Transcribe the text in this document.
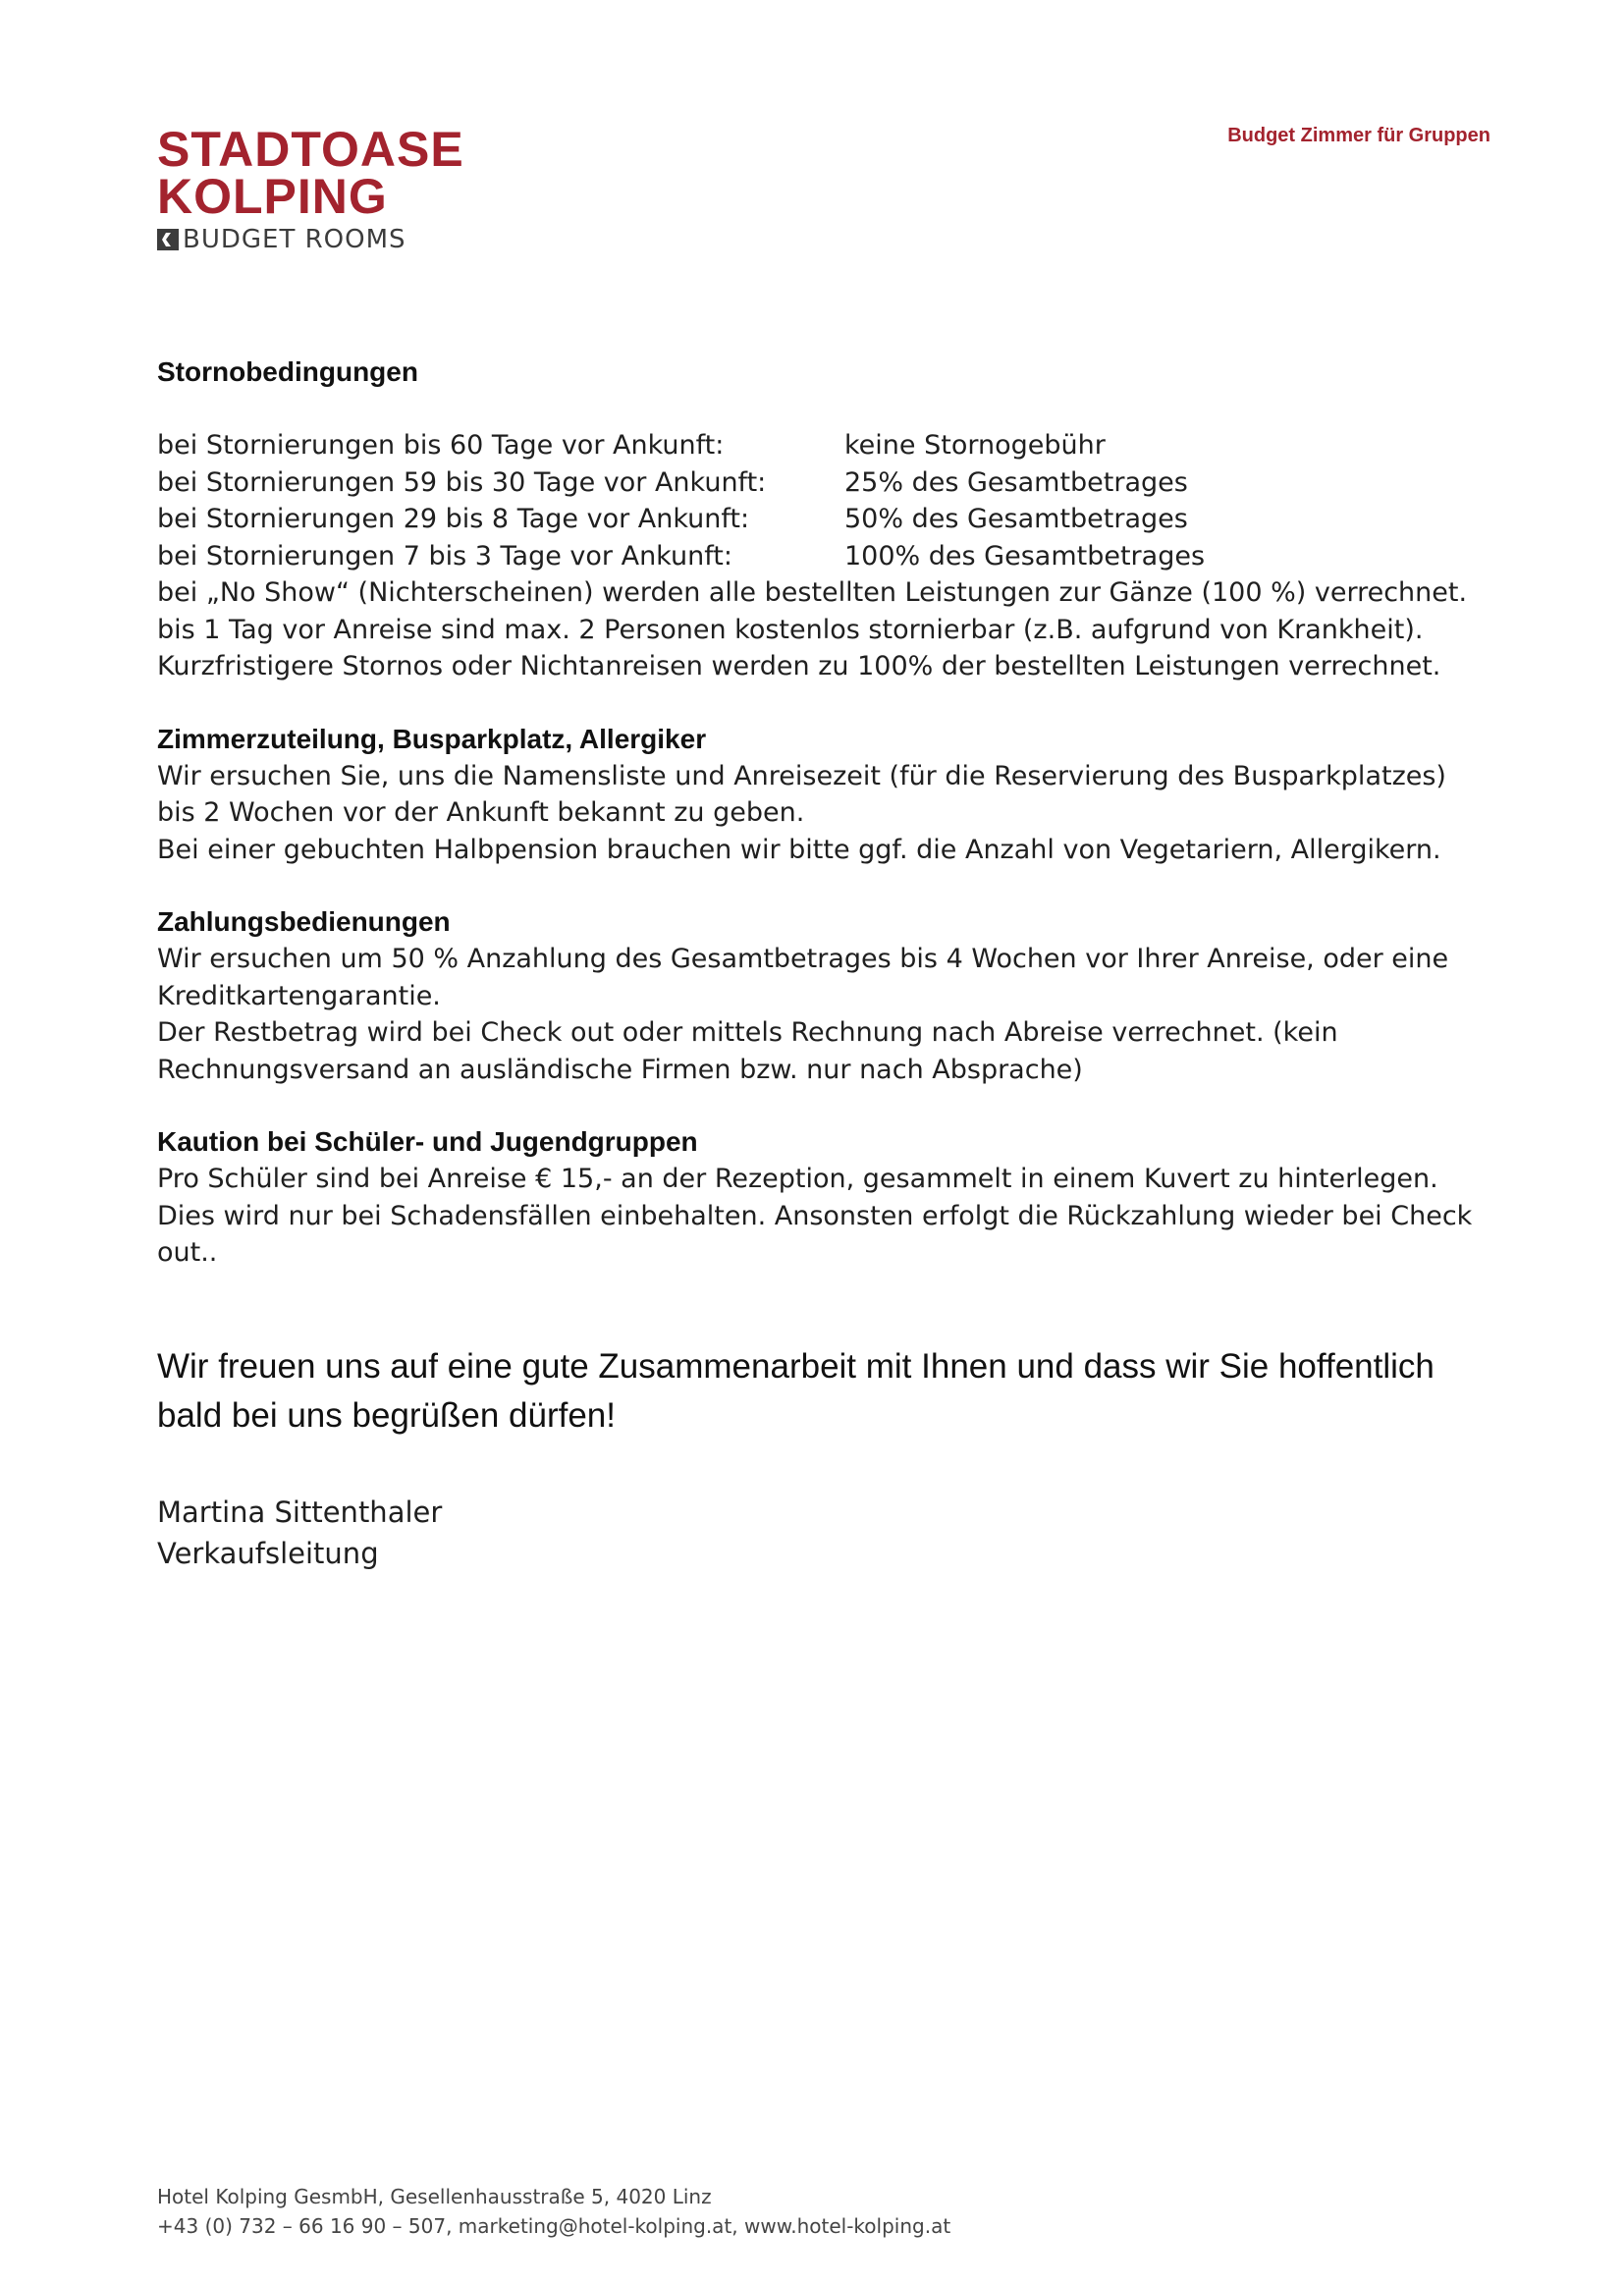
STADTOASE
KOLPING
BUDGET ROOMS
Budget Zimmer für Gruppen
Stornobedingungen
bei Stornierungen bis 60 Tage vor Ankunft:	keine Stornogebühr
bei Stornierungen 59 bis 30 Tage vor Ankunft:	25% des Gesamtbetrages
bei Stornierungen 29 bis 8 Tage vor Ankunft:	50% des Gesamtbetrages
bei Stornierungen 7 bis 3 Tage vor Ankunft:	100% des Gesamtbetrages
bei „No Show“ (Nichterscheinen) werden alle bestellten Leistungen zur Gänze (100 %) verrechnet.
bis 1 Tag vor Anreise sind max. 2 Personen kostenlos stornierbar (z.B. aufgrund von Krankheit).
Kurzfristigere Stornos oder Nichtanreisen werden zu 100% der bestellten Leistungen verrechnet.
Zimmerzuteilung, Busparkplatz, Allergiker
Wir ersuchen Sie, uns die Namensliste und Anreisezeit (für die Reservierung des Busparkplatzes)
bis 2 Wochen vor der Ankunft bekannt zu geben.
Bei einer gebuchten Halbpension brauchen wir bitte ggf. die Anzahl von Vegetariern, Allergikern.
Zahlungsbedienungen
Wir ersuchen um 50 % Anzahlung des Gesamtbetrages bis 4 Wochen vor Ihrer Anreise, oder eine
Kreditkartengarantie.
Der Restbetrag wird bei Check out oder mittels Rechnung nach Abreise verrechnet. (kein
Rechnungsversand an ausländische Firmen bzw. nur nach Absprache)
Kaution bei Schüler- und Jugendgruppen
Pro Schüler sind bei Anreise € 15,- an der Rezeption, gesammelt in einem Kuvert zu hinterlegen.
Dies wird nur bei Schadensfällen einbehalten. Ansonsten erfolgt die Rückzahlung wieder bei Check
out..
Wir freuen uns auf eine gute Zusammenarbeit mit Ihnen und dass wir Sie hoffentlich
bald bei uns begrüßen dürfen!
Martina Sittenthaler
Verkaufsleitung
Hotel Kolping GesmbH, Gesellenhausstraße 5, 4020 Linz
+43 (0) 732 – 66 16 90 – 507, marketing@hotel-kolping.at, www.hotel-kolping.at
